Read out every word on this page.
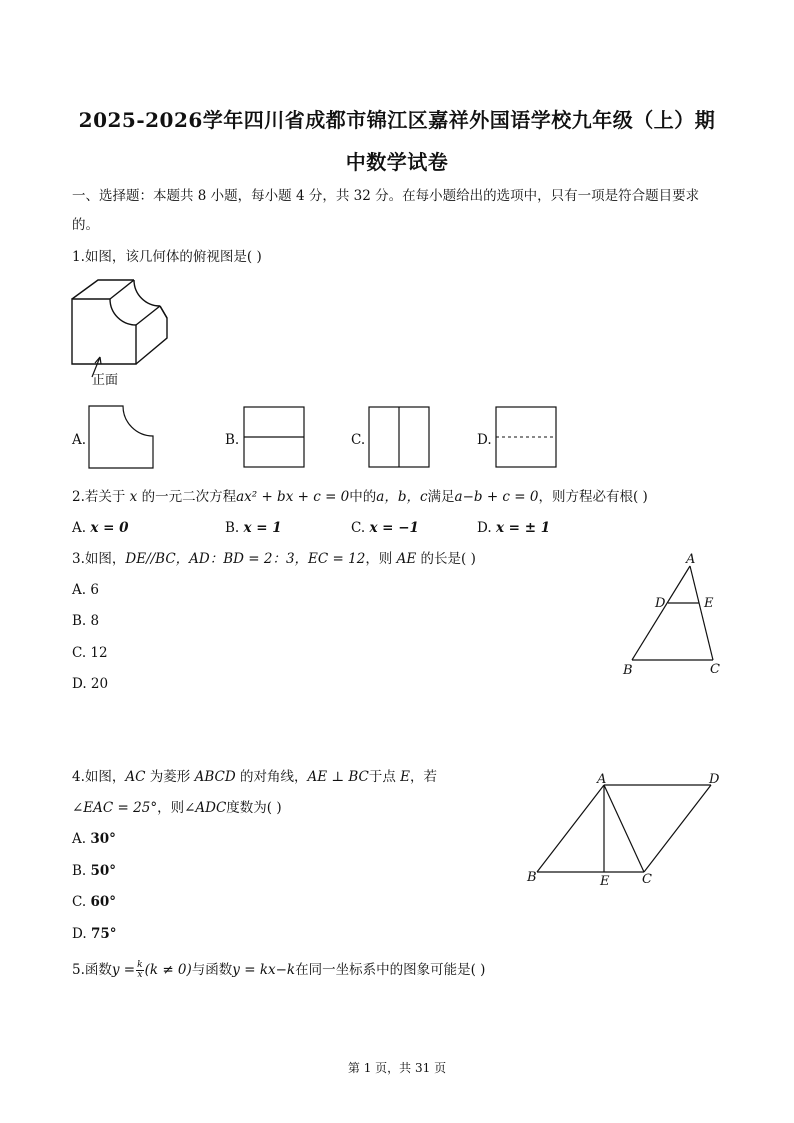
2025-2026学年四川省成都市锦江区嘉祥外国语学校九年级（上）期
中数学试卷
一、选择题：本题共 8 小题，每小题 4 分，共 32 分。在每小题给出的选项中，只有一项是符合题目要求
的。
1.如图，该几何体的俯视图是( )
正面
A.	B.	C.	D.
2.若关于 x 的一元二次方程ax² + bx + c = 0中的a，b，c满足a−b + c = 0，则方程必有根( )
A. x = 0	B. x = 1	C. x = −1	D. x = ± 1
3.如图，DE//BC，AD：BD = 2：3，EC = 12，则 AE 的长是( )
A. 6
B. 8
C. 12
D. 20
A
D	E
B	C
4.如图，AC 为菱形 ABCD 的对角线，AE ⊥ BC于点 E，若
∠EAC = 25°，则∠ADC度数为( )
A. 30°
B. 50°
C. 60°
D. 75°
A	D
B	E	C
5.函数$y = \frac{k}{x} (k \ne 0)$与函数y = kx−k在同一坐标系中的图象可能是( )
第 1 页，共 31 页
